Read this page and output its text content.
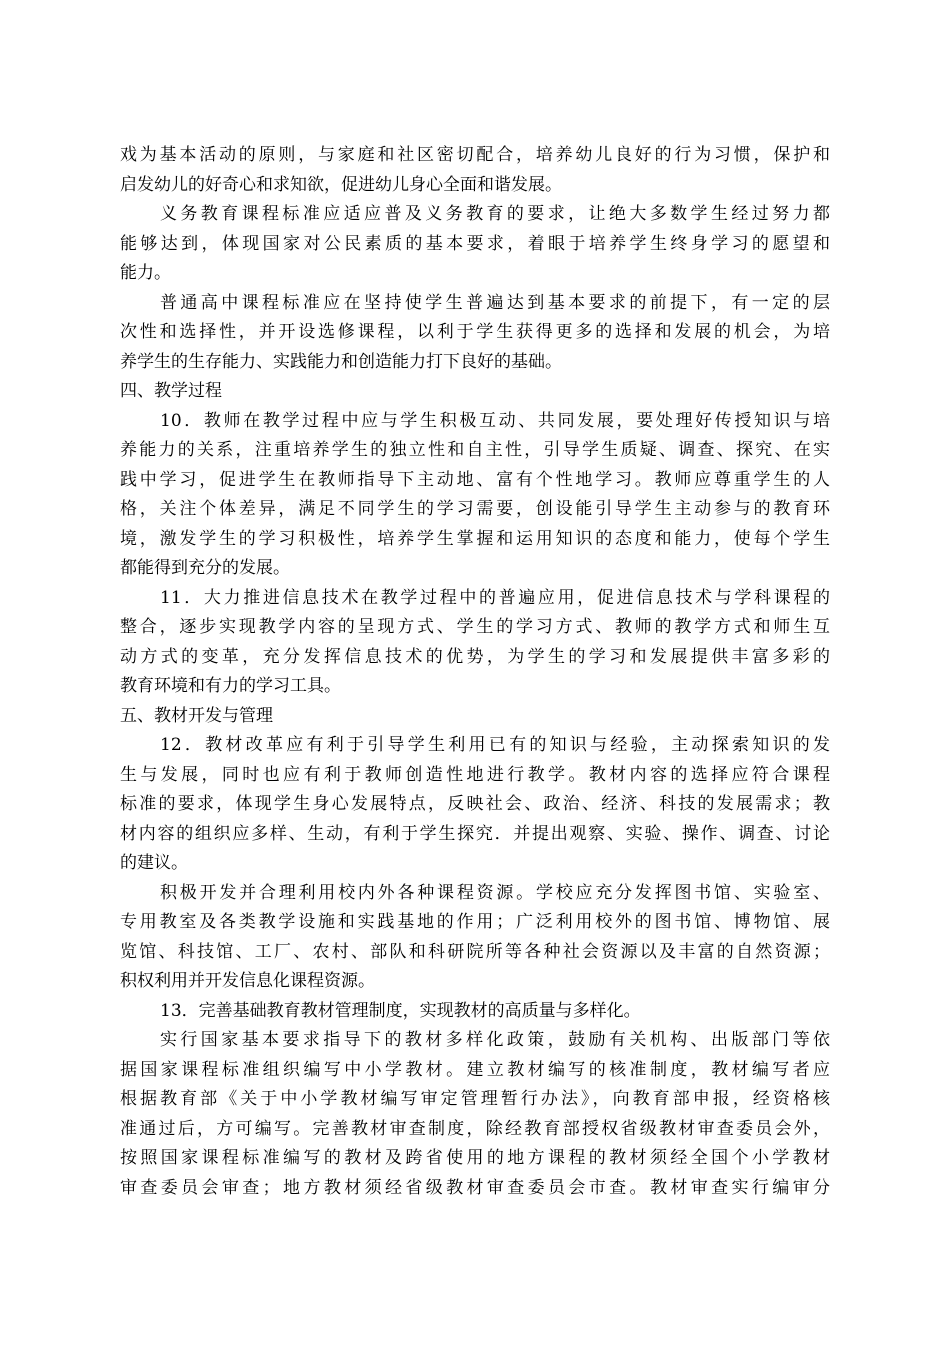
戏为基本活动的原则，与家庭和社区密切配合，培养幼儿良好的行为习惯，保护和
启发幼儿的好奇心和求知欲，促进幼儿身心全面和谐发展。
义务教育课程标准应适应普及义务教育的要求，让绝大多数学生经过努力都
能够达到，体现国家对公民素质的基本要求，着眼于培养学生终身学习的愿望和
能力。
普通高中课程标准应在坚持使学生普遍达到基本要求的前提下，有一定的层
次性和选择性，并开设选修课程，以利于学生获得更多的选择和发展的机会，为培
养学生的生存能力、实践能力和创造能力打下良好的基础。
四、教学过程
10．教师在教学过程中应与学生积极互动、共同发展，要处理好传授知识与培
养能力的关系，注重培养学生的独立性和自主性，引导学生质疑、调查、探究、在实
践中学习，促进学生在教师指导下主动地、富有个性地学习。教师应尊重学生的人
格，关注个体差异，满足不同学生的学习需要，创设能引导学生主动参与的教育环
境，激发学生的学习积极性，培养学生掌握和运用知识的态度和能力，使每个学生
都能得到充分的发展。
11．大力推进信息技术在教学过程中的普遍应用，促进信息技术与学科课程的
整合，逐步实现教学内容的呈现方式、学生的学习方式、教师的教学方式和师生互
动方式的变革，充分发挥信息技术的优势，为学生的学习和发展提供丰富多彩的
教育环境和有力的学习工具。
五、教材开发与管理
12．教材改革应有利于引导学生利用已有的知识与经验，主动探索知识的发
生与发展，同时也应有利于教师创造性地进行教学。教材内容的选择应符合课程
标准的要求，体现学生身心发展特点，反映社会、政治、经济、科技的发展需求；教
材内容的组织应多样、生动，有利于学生探究．并提出观察、实验、操作、调查、讨论
的建议。
积极开发并合理利用校内外各种课程资源。学校应充分发挥图书馆、实验室、
专用教室及各类教学设施和实践基地的作用；广泛利用校外的图书馆、博物馆、展
览馆、科技馆、工厂、农村、部队和科研院所等各种社会资源以及丰富的自然资源；
积权利用并开发信息化课程资源。
13．完善基础教育教材管理制度，实现教材的高质量与多样化。
实行国家基本要求指导下的教材多样化政策，鼓励有关机构、出版部门等依
据国家课程标准组织编写中小学教材。建立教材编写的核准制度，教材编写者应
根据教育部《关于中小学教材编写审定管理暂行办法》，向教育部申报，经资格核
准通过后，方可编写。完善教材审查制度，除经教育部授权省级教材审查委员会外，
按照国家课程标准编写的教材及跨省使用的地方课程的教材须经全国个小学教材
审查委员会审查；地方教材须经省级教材审查委员会市查。教材审查实行编审分
